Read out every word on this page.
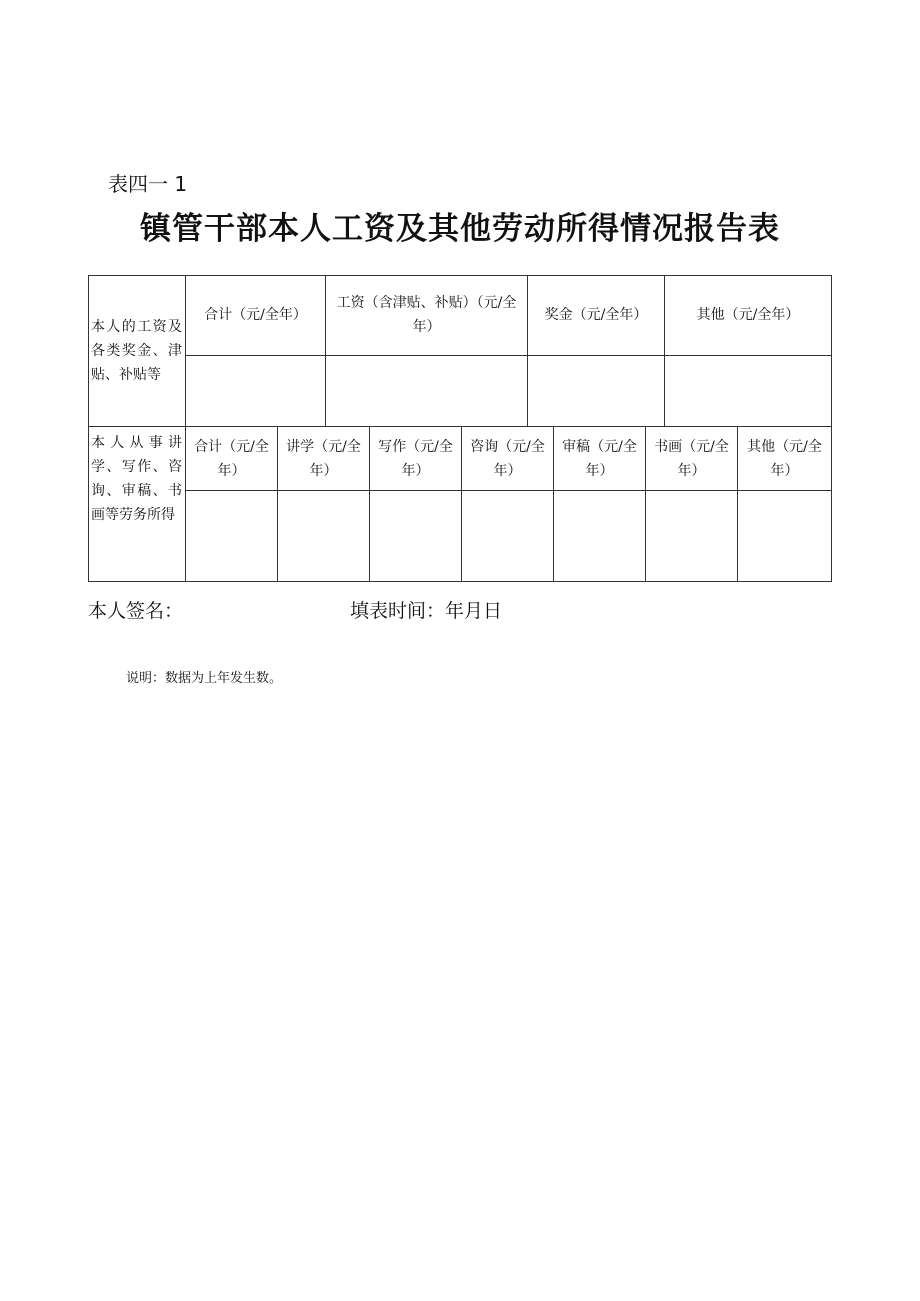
表四一 1
镇管干部本人工资及其他劳动所得情况报告表
本人的工资及各类奖金、津贴、补贴等
合计（元/全年）
工资（含津贴、补贴）（元/全年）
奖金（元/全年）	其他（元/全年）
本人从事讲学、写作、咨询、审稿、书画等劳务所得
合计（元/全年）
讲学（元/全年）
写作（元/全年）
咨询（元/全年）
审稿（元/全年）
书画（元/全年）
其他（元/全年）
本人签名：	填表时间：年月日
说明：数据为上年发生数。
